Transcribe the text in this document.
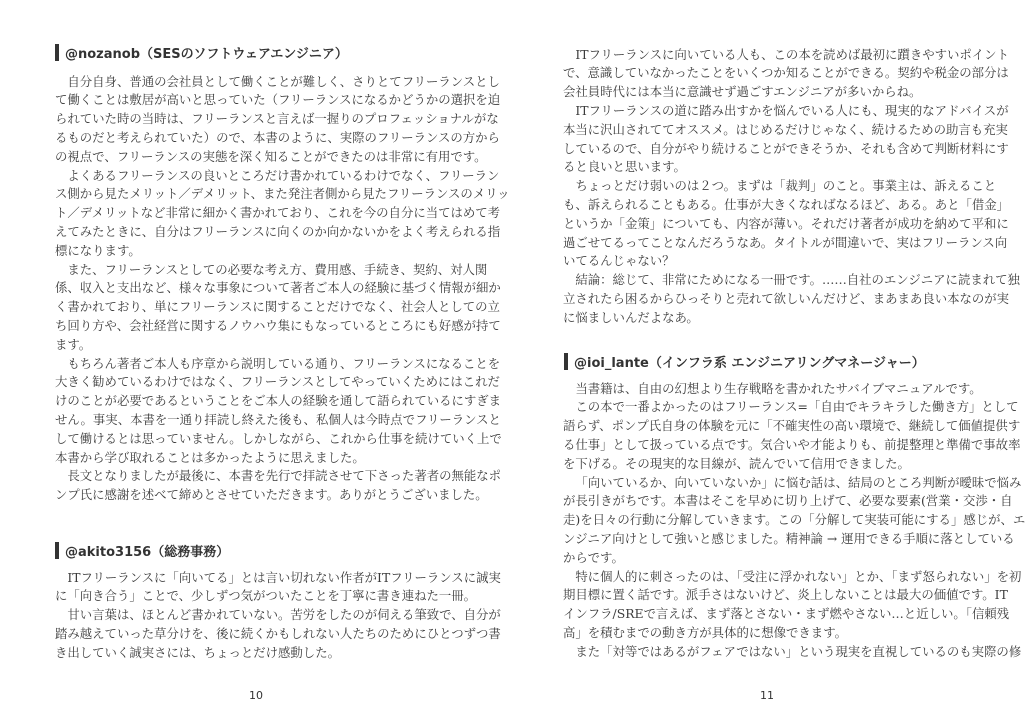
@nozanob（SESのソフトウェアエンジニア）
自分自身、普通の会社員として働くことが難しく、さりとてフリーランスとし
て働くことは敷居が高いと思っていた（フリーランスになるかどうかの選択を迫
られていた時の当時は、フリーランスと言えば一握りのプロフェッショナルがな
るものだと考えられていた）ので、本書のように、実際のフリーランスの方から
の視点で、フリーランスの実態を深く知ることができたのは非常に有用です。
よくあるフリーランスの良いところだけ書かれているわけでなく、フリーラン
ス側から見たメリット／デメリット、また発注者側から見たフリーランスのメリッ
ト／デメリットなど非常に細かく書かれており、これを今の自分に当てはめて考
えてみたときに、自分はフリーランスに向くのか向かないかをよく考えられる指
標になります。
また、フリーランスとしての必要な考え方、費用感、手続き、契約、対人関
係、収入と支出など、様々な事象について著者ご本人の経験に基づく情報が細か
く書かれており、単にフリーランスに関することだけでなく、社会人としての立
ち回り方や、会社経営に関するノウハウ集にもなっているところにも好感が持て
ます。
もちろん著者ご本人も序章から説明している通り、フリーランスになることを
大きく勧めているわけではなく、フリーランスとしてやっていくためにはこれだ
けのことが必要であるということをご本人の経験を通して語られているにすぎま
せん。事実、本書を一通り拝読し終えた後も、私個人は今時点でフリーランスと
して働けるとは思っていません。しかしながら、これから仕事を続けていく上で
本書から学び取れることは多かったように思えました。
長文となりましたが最後に、本書を先行で拝読させて下さった著者の無能なポ
ンプ氏に感謝を述べて締めとさせていただきます。ありがとうございました。
@akito3156（総務事務）
ITフリーランスに「向いてる」とは言い切れない作者がITフリーランスに誠実
に「向き合う」ことで、少しずつ気がついたことを丁寧に書き連ねた一冊。
甘い言葉は、ほとんど書かれていない。苦労をしたのが伺える筆致で、自分が
踏み越えていった草分けを、後に続くかもしれない人たちのためにひとつずつ書
き出していく誠実さには、ちょっとだけ感動した。
10
ITフリーランスに向いている人も、この本を読めば最初に躓きやすいポイント
で、意識していなかったことをいくつか知ることができる。契約や税金の部分は
会社員時代には本当に意識せず過ごすエンジニアが多いからね。
ITフリーランスの道に踏み出すかを悩んでいる人にも、現実的なアドバイスが
本当に沢山されててオススメ。はじめるだけじゃなく、続けるための助言も充実
しているので、自分がやり続けることができそうか、それも含めて判断材料にす
ると良いと思います。
ちょっとだけ弱いのは２つ。まずは「裁判」のこと。事業主は、訴えること
も、訴えられることもある。仕事が大きくなればなるほど、ある。あと「借金」
というか「金策」についても、内容が薄い。それだけ著者が成功を納めて平和に
過ごせてるってことなんだろうなあ。タイトルが間違いで、実はフリーランス向
いてるんじゃない？
結論：総じて、非常にためになる一冊です。……自社のエンジニアに読まれて独
立されたら困るからひっそりと売れて欲しいんだけど、まあまあ良い本なのが実
に悩ましいんだよなあ。
@ioi_lante（インフラ系 エンジニアリングマネージャー）
当書籍は、自由の幻想より生存戦略を書かれたサバイブマニュアルです。
この本で一番よかったのはフリーランス=「自由でキラキラした働き方」として
語らず、ポンプ氏自身の体験を元に「不確実性の高い環境で、継続して価値提供す
る仕事」として扱っている点です。気合いや才能よりも、前提整理と準備で事故率
を下げる。その現実的な目線が、読んでいて信用できました。
「向いているか、向いていないか」に悩む話は、結局のところ判断が曖昧で悩み
が長引きがちです。本書はそこを早めに切り上げて、必要な要素(営業・交渉・自
走)を日々の行動に分解していきます。この「分解して実装可能にする」感じが、エ
ンジニア向けとして強いと感じました。精神論 → 運用できる手順に落としている
からです。
特に個人的に刺さったのは、「受注に浮かれない」とか、「まず怒られない」を初
期目標に置く話です。派手さはないけど、炎上しないことは最大の価値です。IT
インフラ/SREで言えば、まず落とさない・まず燃やさない…と近しい。「信頼残
高」を積むまでの動き方が具体的に想像できます。
また「対等ではあるがフェアではない」という現実を直視しているのも実際の修
11
